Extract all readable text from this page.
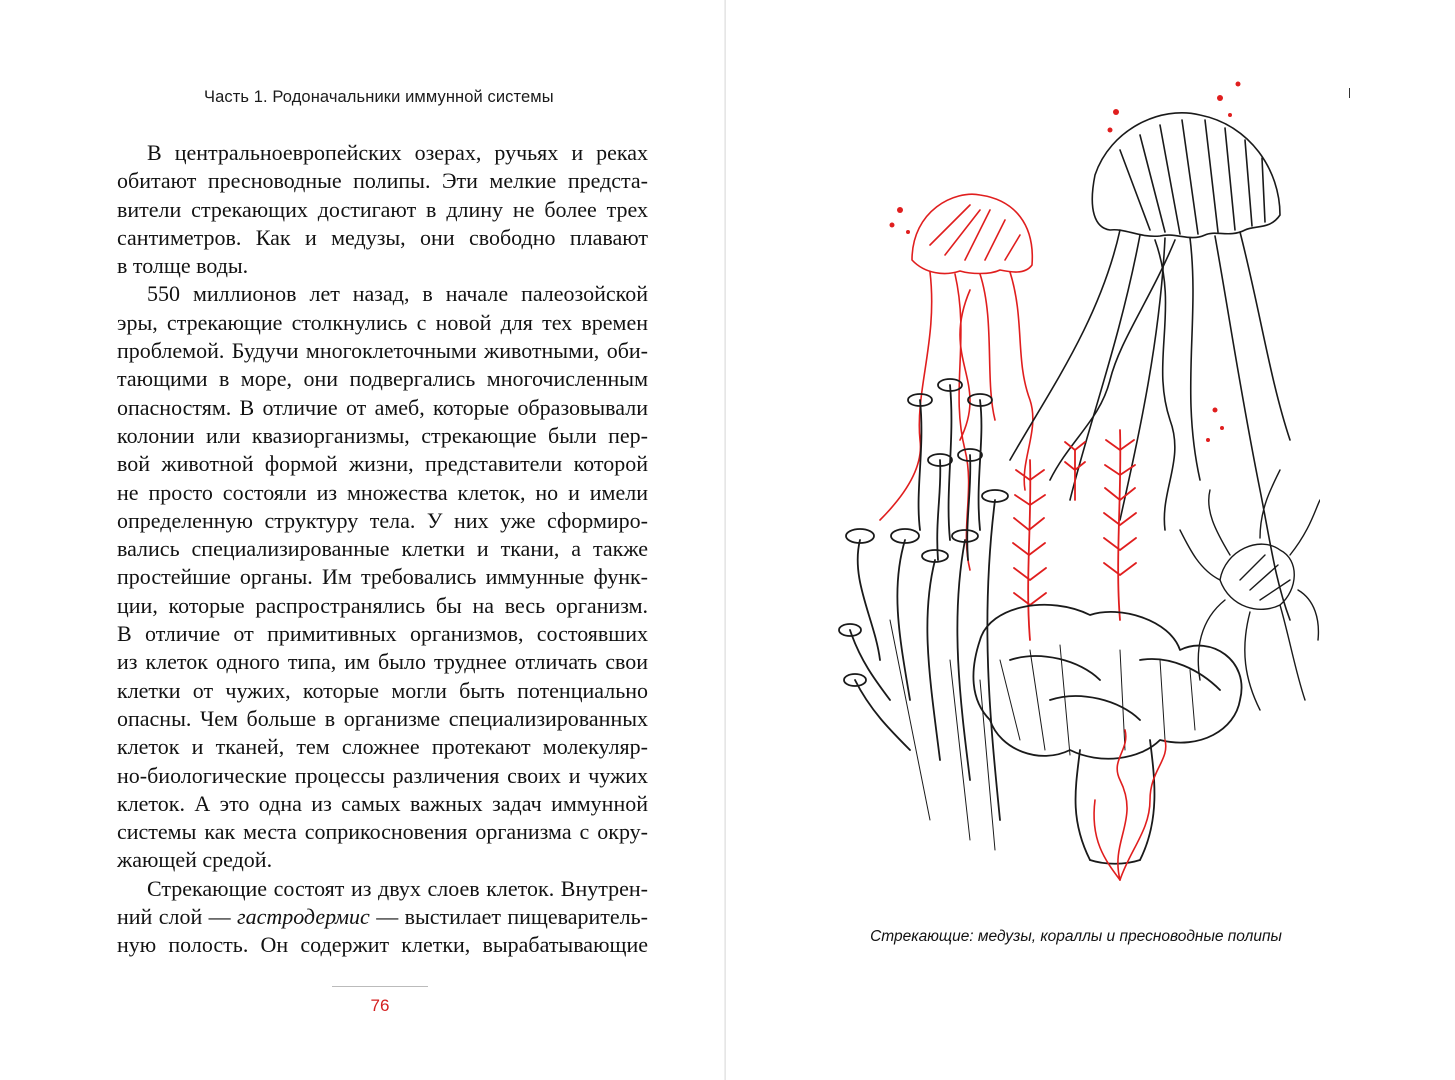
Часть 1. Родоначальники иммунной системы
В центральноевропейских озерах, ручьях и реках
обитают пресноводные полипы. Эти мелкие предста-
вители стрекающих достигают в длину не более трех
сантиметров. Как и медузы, они свободно плавают
в толще воды.
550 миллионов лет назад, в начале палеозойской
эры, стрекающие столкнулись с новой для тех времен
проблемой. Будучи многоклеточными животными, оби-
тающими в море, они подвергались многочисленным
опасностям. В отличие от амеб, которые образовывали
колонии или квазиорганизмы, стрекающие были пер-
вой животной формой жизни, представители которой
не просто состояли из множества клеток, но и имели
определенную структуру тела. У них уже сформиро-
вались специализированные клетки и ткани, а также
простейшие органы. Им требовались иммунные функ-
ции, которые распространялись бы на весь организм.
В отличие от примитивных организмов, состоявших
из клеток одного типа, им было труднее отличать свои
клетки от чужих, которые могли быть потенциально
опасны. Чем больше в организме специализированных
клеток и тканей, тем сложнее протекают молекуляр-
но-биологические процессы различения своих и чужих
клеток. А это одна из самых важных задач иммунной
системы как места соприкосновения организма с окру-
жающей средой.
Стрекающие состоят из двух слоев клеток. Внутрен-
ний слой — гастродермис — выстилает пищеваритель-
ную полость. Он содержит клетки, вырабатывающие
76
Стрекающие: медузы, кораллы и пресноводные полипы
